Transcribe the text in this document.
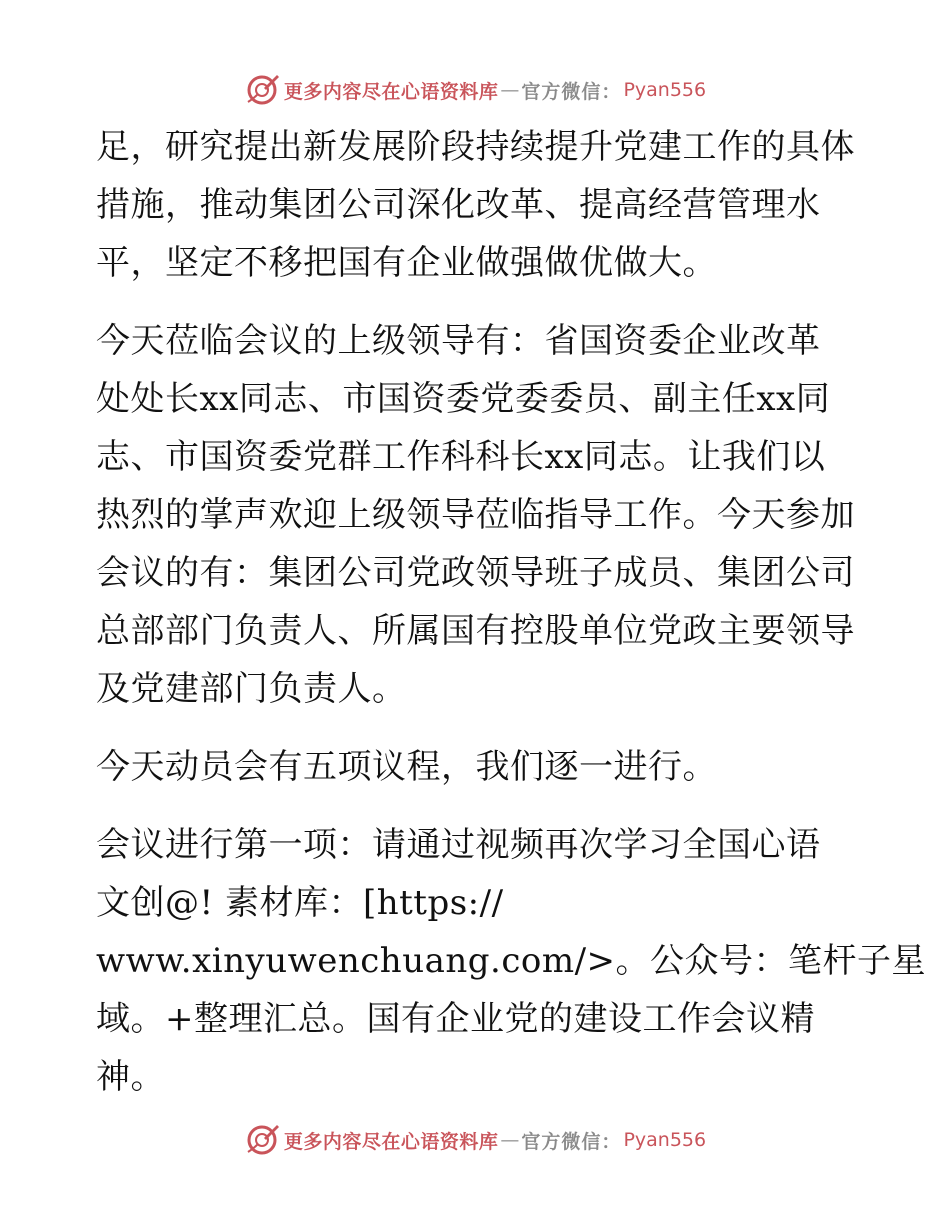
更多内容尽在心语资料库 — 官方微信： Pyan556
足，研究提出新发展阶段持续提升党建工作的具体
措施，推动集团公司深化改革、提高经营管理水
平，坚定不移把国有企业做强做优做大。
今天莅临会议的上级领导有：省国资委企业改革
处处长xx同志、市国资委党委委员、副主任xx同
志、市国资委党群工作科科长xx同志。让我们以
热烈的掌声欢迎上级领导莅临指导工作。今天参加
会议的有：集团公司党政领导班子成员、集团公司
总部部门负责人、所属国有控股单位党政主要领导
及党建部门负责人。
今天动员会有五项议程，我们逐一进行。
会议进行第一项：请通过视频再次学习全国心语
文创@! 素材库：[https://
www.xinyuwenchuang.com/>。公众号：笔杆子星
域。+整理汇总。国有企业党的建设工作会议精
神。
更多内容尽在心语资料库 — 官方微信： Pyan556
